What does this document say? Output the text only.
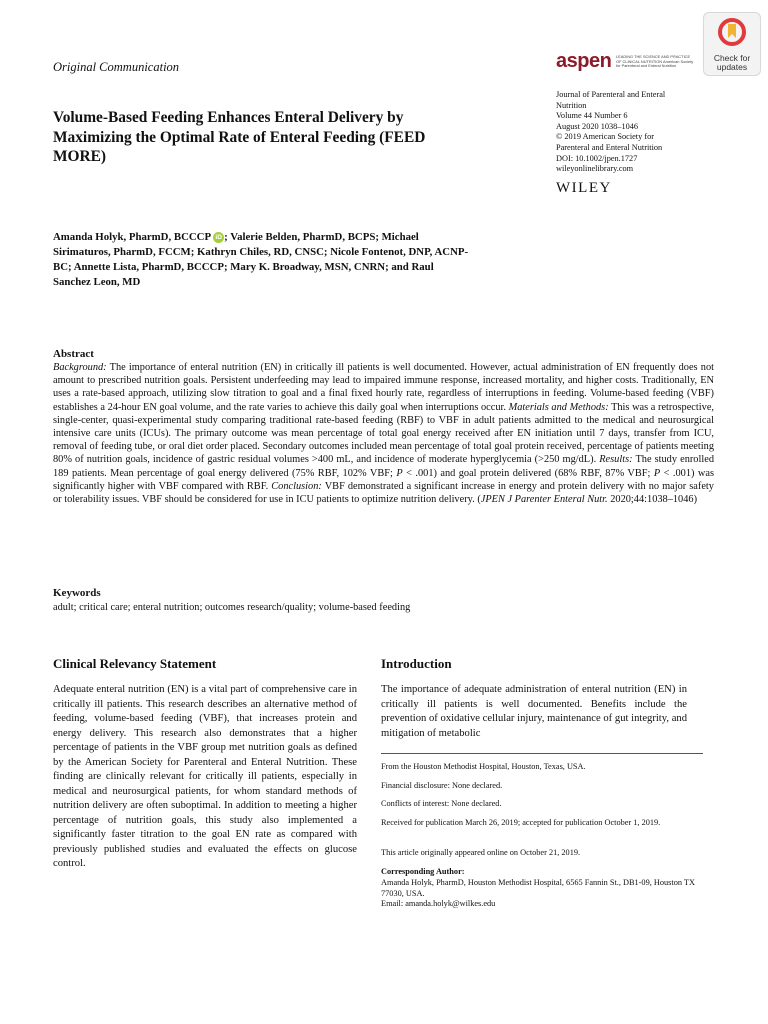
Original Communication
Check for updates
aspen LEADING THE SCIENCE AND PRACTICE OF CLINICAL NUTRITION American Society for Parenteral and Enteral Nutrition
Journal of Parenteral and Enteral
Nutrition
Volume 44 Number 6
August 2020 1038–1046
© 2019 American Society for
Parenteral and Enteral Nutrition
DOI: 10.1002/jpen.1727
wileyonlinelibrary.com
WILEY
Volume-Based Feeding Enhances Enteral Delivery by Maximizing the Optimal Rate of Enteral Feeding (FEED MORE)
Amanda Holyk, PharmD, BCCCP iD ; Valerie Belden, PharmD, BCPS; Michael Sirimaturos, PharmD, FCCM; Kathryn Chiles, RD, CNSC; Nicole Fontenot, DNP, ACNP-BC; Annette Lista, PharmD, BCCCP; Mary K. Broadway, MSN, CNRN; and Raul Sanchez Leon, MD
Abstract
Background: The importance of enteral nutrition (EN) in critically ill patients is well documented. However, actual administration of EN frequently does not amount to prescribed nutrition goals. Persistent underfeeding may lead to impaired immune response, increased mortality, and higher costs. Traditionally, EN uses a rate-based approach, utilizing slow titration to goal and a final fixed hourly rate, regardless of interruptions in feeding. Volume-based feeding (VBF) establishes a 24-hour EN goal volume, and the rate varies to achieve this daily goal when interruptions occur. Materials and Methods: This was a retrospective, single-center, quasi-experimental study comparing traditional rate-based feeding (RBF) to VBF in adult patients admitted to the medical and neurosurgical intensive care units (ICUs). The primary outcome was mean percentage of total goal energy received after EN initiation until 7 days, transfer from ICU, removal of feeding tube, or oral diet order placed. Secondary outcomes included mean percentage of total goal protein received, percentage of patients meeting 80% of nutrition goals, incidence of gastric residual volumes >400 mL, and incidence of moderate hyperglycemia (>250 mg/dL). Results: The study enrolled 189 patients. Mean percentage of goal energy delivered (75% RBF, 102% VBF; P < .001) and goal protein delivered (68% RBF, 87% VBF; P < .001) was significantly higher with VBF compared with RBF. Conclusion: VBF demonstrated a significant increase in energy and protein delivery with no major safety or tolerability issues. VBF should be considered for use in ICU patients to optimize nutrition delivery. (JPEN J Parenter Enteral Nutr. 2020;44:1038–1046)
Keywords
adult; critical care; enteral nutrition; outcomes research/quality; volume-based feeding
Clinical Relevancy Statement
Adequate enteral nutrition (EN) is a vital part of comprehensive care in critically ill patients. This research describes an alternative method of feeding, volume-based feeding (VBF), that increases protein and energy delivery. This research also demonstrates that a higher percentage of patients in the VBF group met nutrition goals as defined by the American Society for Parenteral and Enteral Nutrition. These finding are clinically relevant for critically ill patients, especially in medical and neurosurgical patients, for whom standard methods of nutrition delivery are often suboptimal. In addition to meeting a higher percentage of nutrition goals, this study also implemented a significantly faster titration to the goal EN rate as compared with previously published studies and evaluated the effects on glucose control.
Introduction
The importance of adequate administration of enteral nutrition (EN) in critically ill patients is well documented. Benefits include the prevention of oxidative cellular injury, maintenance of gut integrity, and mitigation of metabolic
From the Houston Methodist Hospital, Houston, Texas, USA.
Financial disclosure: None declared.
Conflicts of interest: None declared.
Received for publication March 26, 2019; accepted for publication October 1, 2019.
This article originally appeared online on October 21, 2019.
Corresponding Author:
Amanda Holyk, PharmD, Houston Methodist Hospital, 6565 Fannin St., DB1-09, Houston TX 77030, USA.
Email: amanda.holyk@wilkes.edu
